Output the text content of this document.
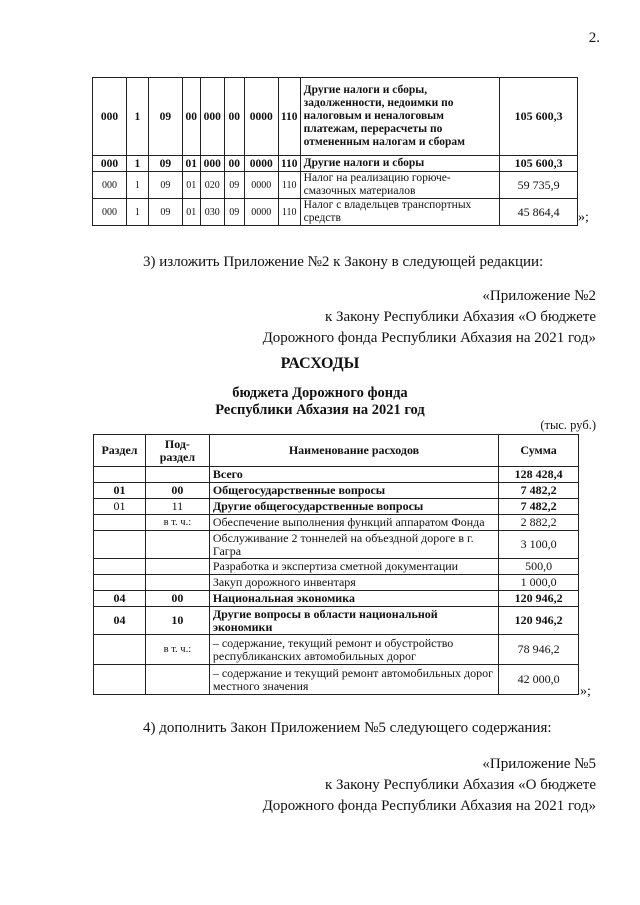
2.
000	1	09	00	000	00	0000	110	Другие налоги и сборы, задолженности, недоимки по налоговым и неналоговым платежам, перерасчеты по отмененным налогам и сборам	105 600,3
000	1	09	01	000	00	0000	110	Другие налоги и сборы	105 600,3
000	1	09	01	020	09	0000	110	Налог на реализацию горюче-смазочных материалов	59 735,9
000	1	09	01	030	09	0000	110	Налог с владельцев транспортных средств	45 864,4 »;
3) изложить Приложение №2 к Закону в следующей редакции:
«Приложение №2
к Закону Республики Абхазия «О бюджете
Дорожного фонда Республики Абхазия на 2021 год»
РАСХОДЫ
бюджета Дорожного фонда
Республики Абхазия на 2021 год
(тыс. руб.)
Раздел	Под-раздел	Наименование расходов	Сумма
		Всего	128 428,4
01	00	Общегосударственные вопросы	7 482,2
01	11	Другие общегосударственные вопросы	7 482,2
	в т. ч.:	Обеспечение выполнения функций аппаратом Фонда	2 882,2
		Обслуживание 2 тоннелей на объездной дороге в г. Гагра	3 100,0
		Разработка и экспертиза сметной документации	500,0
		Закуп дорожного инвентаря	1 000,0
04	00	Национальная экономика	120 946,2
04	10	Другие вопросы в области национальной экономики	120 946,2
	в т. ч.:	– содержание, текущий ремонт и обустройство республиканских автомобильных дорог	78 946,2
		– содержание и текущий ремонт автомобильных дорог местного значения	42 000,0
»;
4) дополнить Закон Приложением №5 следующего содержания:
«Приложение №5
к Закону Республики Абхазия «О бюджете
Дорожного фонда Республики Абхазия на 2021 год»
